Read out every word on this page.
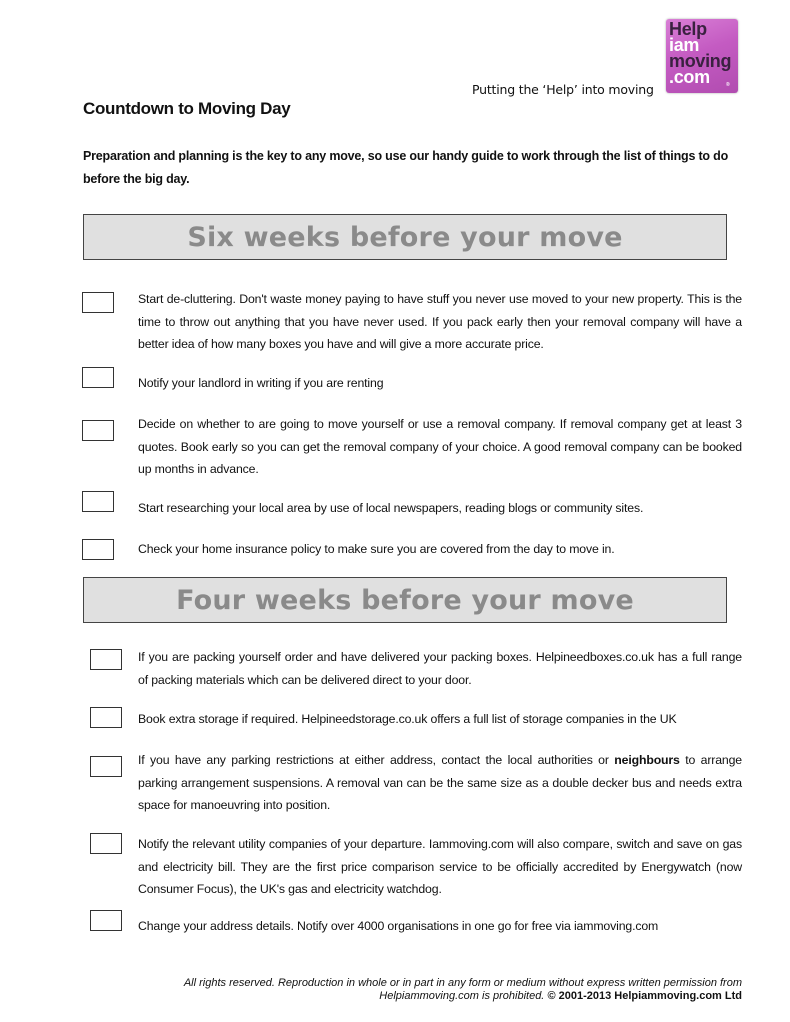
Putting the ‘Help’ into moving
Help
iam
moving
.com	®
Countdown to Moving Day
Preparation and planning is the key to any move, so use our handy guide to work through the list of things to do before the big day.
Six weeks before your move
Start de-cluttering. Don't waste money paying to have stuff you never use moved to your new property. This is the time to throw out anything that you have never used. If you pack early then your removal company will have a better idea of how many boxes you have and will give a more accurate price.
Notify your landlord in writing if you are renting
Decide on whether to are going to move yourself or use a removal company. If removal company get at least 3 quotes. Book early so you can get the removal company of your choice. A good removal company can be booked up months in advance.
Start researching your local area by use of local newspapers, reading blogs or community sites.
Check your home insurance policy to make sure you are covered from the day to move in.
Four weeks before your move
If you are packing yourself order and have delivered your packing boxes. Helpineedboxes.co.uk has a full range of packing materials which can be delivered direct to your door.
Book extra storage if required. Helpineedstorage.co.uk offers a full list of storage companies in the UK
If you have any parking restrictions at either address, contact the local authorities or neighbours to arrange parking arrangement suspensions. A removal van can be the same size as a double decker bus and needs extra space for manoeuvring into position.
Notify the relevant utility companies of your departure. Iammoving.com will also compare, switch and save on gas and electricity bill. They are the first price comparison service to be officially accredited by Energywatch (now Consumer Focus), the UK's gas and electricity watchdog.
Change your address details. Notify over 4000 organisations in one go for free via iammoving.com
All rights reserved. Reproduction in whole or in part in any form or medium without express written permission from
Helpiammoving.com is prohibited. © 2001-2013 Helpiammoving.com Ltd
